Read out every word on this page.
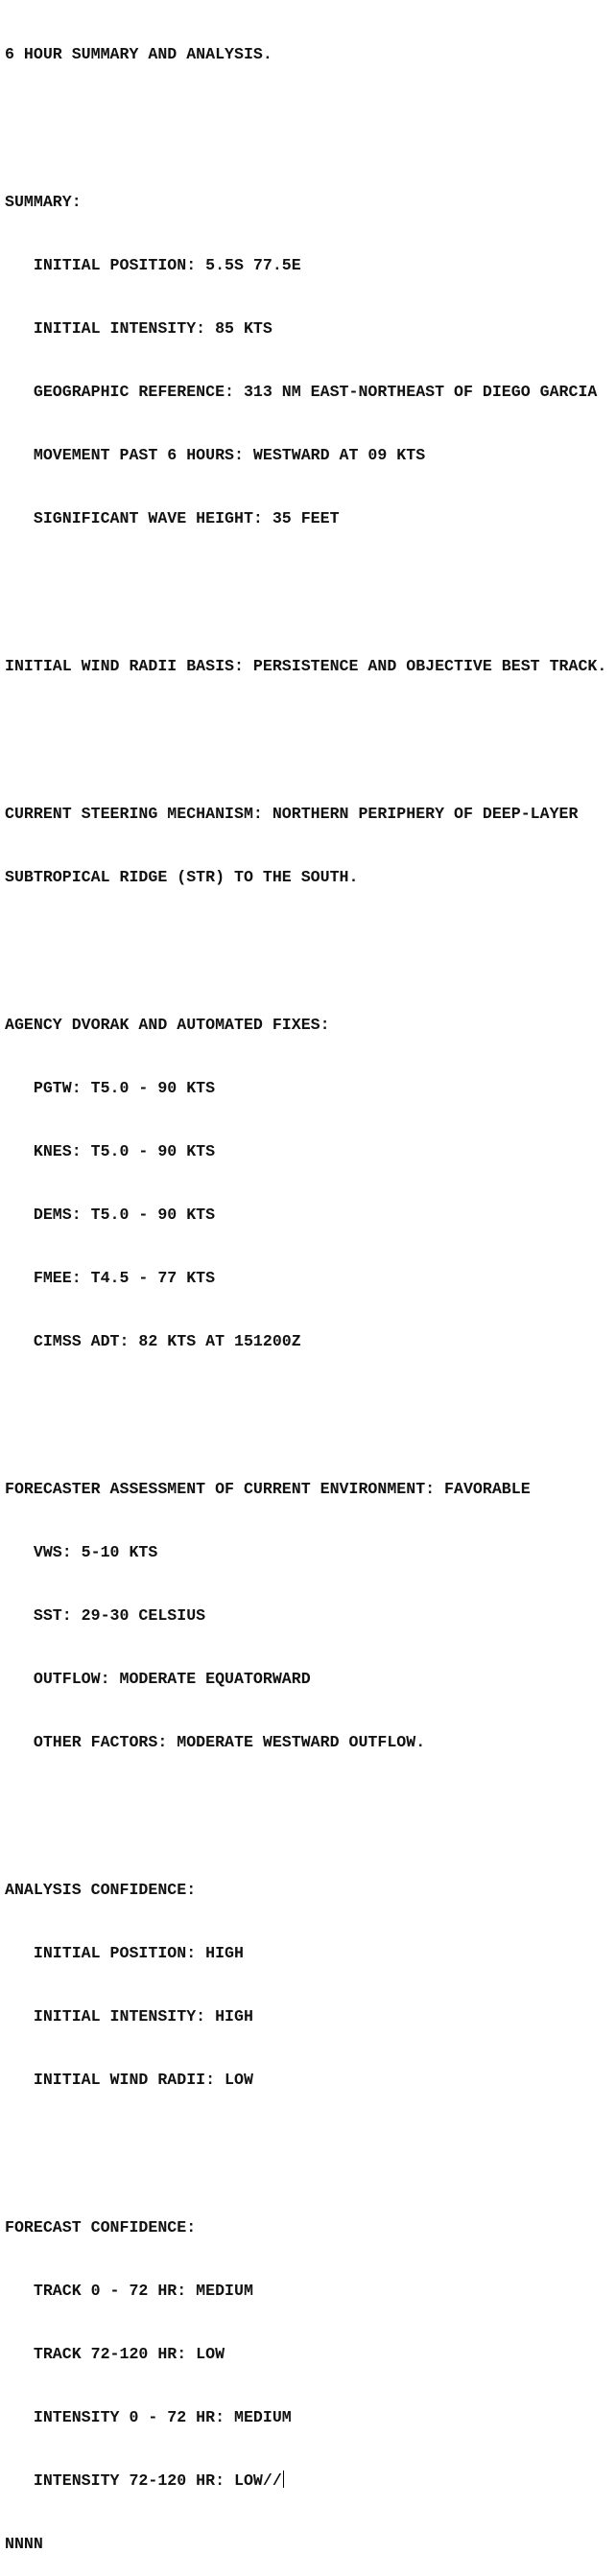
6 HOUR SUMMARY AND ANALYSIS.

SUMMARY:

INITIAL POSITION: 5.5S 77.5E

INITIAL INTENSITY: 85 KTS

GEOGRAPHIC REFERENCE: 313 NM EAST-NORTHEAST OF DIEGO GARCIA

MOVEMENT PAST 6 HOURS: WESTWARD AT 09 KTS

SIGNIFICANT WAVE HEIGHT: 35 FEET

INITIAL WIND RADII BASIS: PERSISTENCE AND OBJECTIVE BEST TRACK.

CURRENT STEERING MECHANISM: NORTHERN PERIPHERY OF DEEP-LAYER

SUBTROPICAL RIDGE (STR) TO THE SOUTH.

AGENCY DVORAK AND AUTOMATED FIXES:

PGTW: T5.0 - 90 KTS

KNES: T5.0 - 90 KTS

DEMS: T5.0 - 90 KTS

FMEE: T4.5 - 77 KTS

CIMSS ADT: 82 KTS AT 151200Z

FORECASTER ASSESSMENT OF CURRENT ENVIRONMENT: FAVORABLE

VWS: 5-10 KTS

SST: 29-30 CELSIUS

OUTFLOW: MODERATE EQUATORWARD

OTHER FACTORS: MODERATE WESTWARD OUTFLOW.

ANALYSIS CONFIDENCE:

INITIAL POSITION: HIGH

INITIAL INTENSITY: HIGH

INITIAL WIND RADII: LOW

FORECAST CONFIDENCE:

TRACK 0 - 72 HR: MEDIUM

TRACK 72-120 HR: LOW

INTENSITY 0 - 72 HR: MEDIUM

INTENSITY 72-120 HR: LOW//

NNNN
